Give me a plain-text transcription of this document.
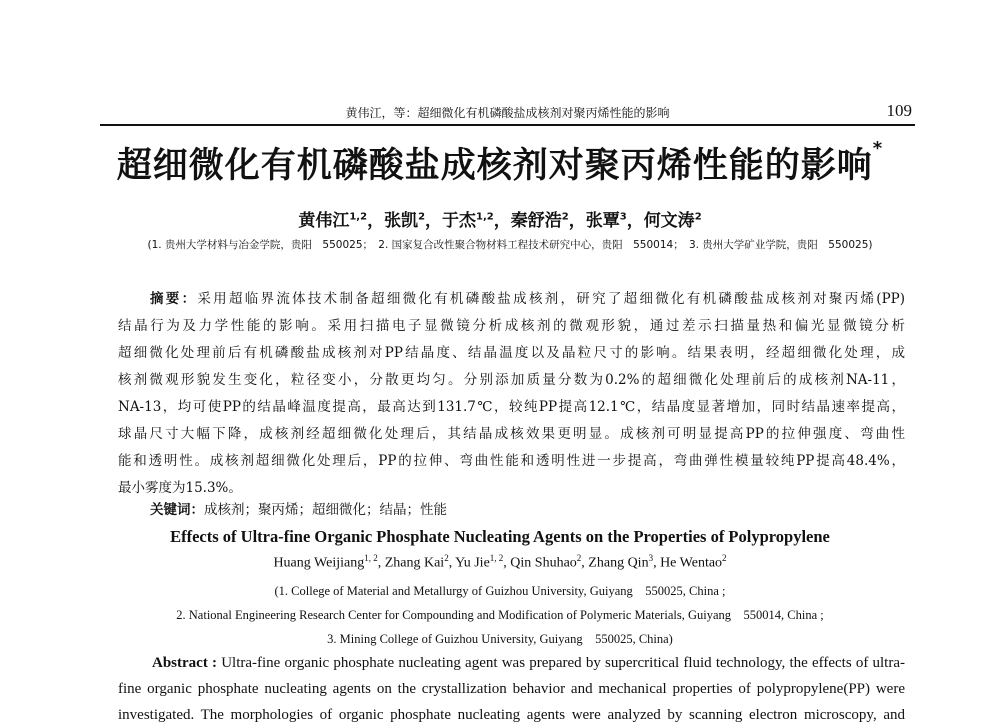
黄伟江，等：超细微化有机磷酸盐成核剂对聚丙烯性能的影响	109
超细微化有机磷酸盐成核剂对聚丙烯性能的影响*
黄伟江$^{1,2}$，张凯$^2$，于杰$^{1,2}$，秦舒浩$^2$，张覃$^3$，何文涛$^2$
(1. 贵州大学材料与冶金学院，贵阳　550025；　2. 国家复合改性聚合物材料工程技术研究中心，贵阳　550014；　3. 贵州大学矿业学院，贵阳　550025)
摘要：采用超临界流体技术制备超细微化有机磷酸盐成核剂，研究了超细微化有机磷酸盐成核剂对聚丙烯(PP)
结晶行为及力学性能的影响。采用扫描电子显微镜分析成核剂的微观形貌，通过差示扫描量热和偏光显微镜分析
超细微化处理前后有机磷酸盐成核剂对PP结晶度、结晶温度以及晶粒尺寸的影响。结果表明，经超细微化处理，成
核剂微观形貌发生变化，粒径变小，分散更均匀。分别添加质量分数为0.2%的超细微化处理前后的成核剂NA-11，
NA-13，均可使PP的结晶峰温度提高，最高达到131.7℃，较纯PP提高12.1℃，结晶度显著增加，同时结晶速率提高，
球晶尺寸大幅下降，成核剂经超细微化处理后，其结晶成核效果更明显。成核剂可明显提高PP的拉伸强度、弯曲性
能和透明性。成核剂超细微化处理后，PP的拉伸、弯曲性能和透明性进一步提高，弯曲弹性模量较纯PP提高48.4%，
最小雾度为15.3%。
关键词：成核剂；聚丙烯；超细微化；结晶；性能
Effects of Ultra-fine Organic Phosphate Nucleating Agents on the Properties of Polypropylene
Huang Weijiang$^{1, 2}$, Zhang Kai$^2$, Yu Jie$^{1, 2}$, Qin Shuhao$^2$, Zhang Qin$^3$, He Wentao$^2$
(1. College of Material and Metallurgy of Guizhou University, Guiyang　550025, China ;
2. National Engineering Research Center for Compounding and Modification of Polymeric Materials, Guiyang　550014, China ;
3. Mining College of Guizhou University, Guiyang　550025, China)
Abstract : Ultra-fine organic phosphate nucleating agent was prepared by supercritical fluid technology, the effects of ultra-
fine organic phosphate nucleating agents on the crystallization behavior and mechanical properties of polypropylene(PP) were
investigated. The morphologies of organic phosphate nucleating agents were analyzed by scanning electron microscopy, and
